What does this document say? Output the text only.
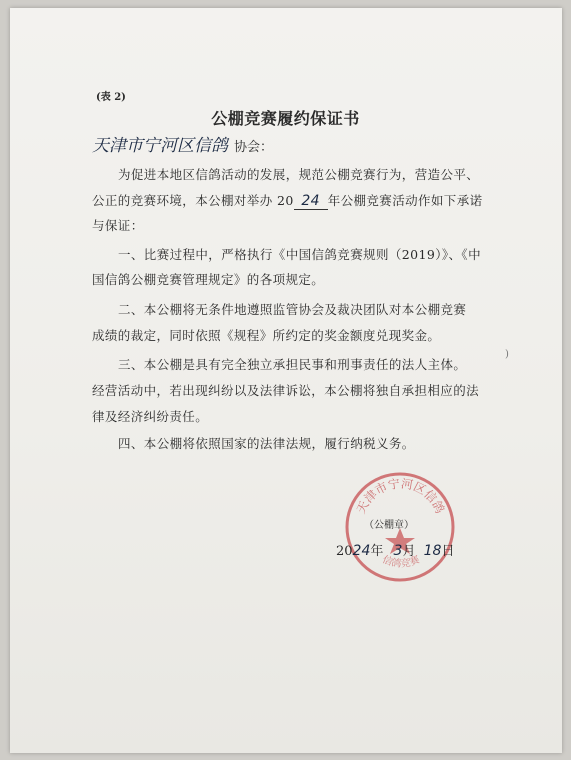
(表 2)
公棚竞赛履约保证书
天津市宁河区信鸽 协会：
为促进本地区信鸽活动的发展，规范公棚竞赛行为，营造公平、
公正的竞赛环境，本公棚对举办 20 24 年公棚竞赛活动作如下承诺
与保证：
一、比赛过程中，严格执行《中国信鸽竞赛规则（2019）》、《中
国信鸽公棚竞赛管理规定》的各项规定。
二、本公棚将无条件地遵照监管协会及裁决团队对本公棚竞赛
成绩的裁定，同时依照《规程》所约定的奖金额度兑现奖金。
三、本公棚是具有完全独立承担民事和刑事责任的法人主体。
经营活动中，若出现纠纷以及法律诉讼，本公棚将独自承担相应的法
律及经济纠纷责任。
四、本公棚将依照国家的法律法规，履行纳税义务。
)
天津市宁河区信鸽
信鸽竞赛
（公棚章）
2024年 3月 18日
